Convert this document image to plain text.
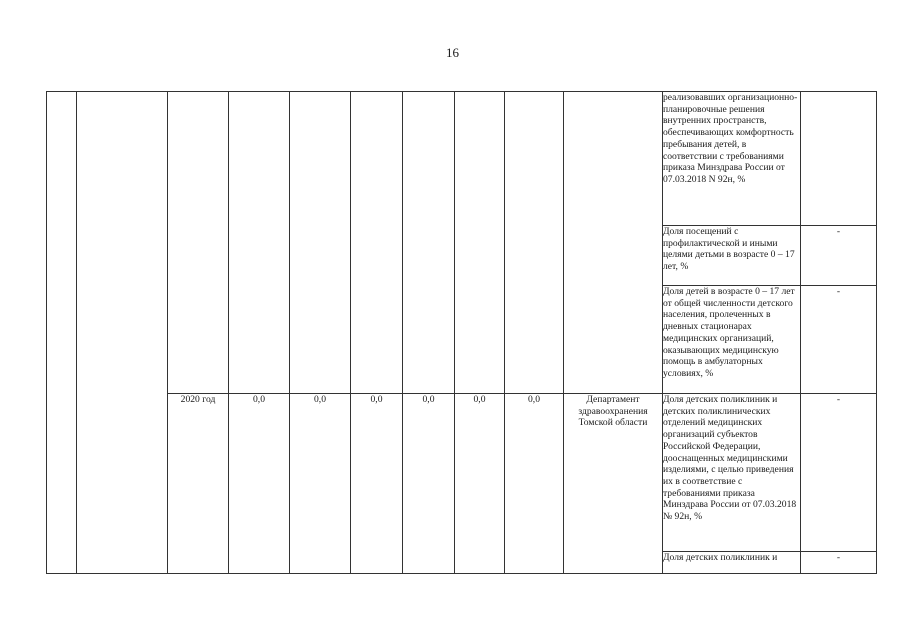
16
										реализовавших организационно-планировочные решения внутренних пространств, обеспечивающих комфортность пребывания детей, в соответствии с требованиями приказа Минздрава России от 07.03.2018 N 92н, %	
										Доля посещений с профилактической и иными целями детьми в возрасте 0 – 17 лет, %	-
										Доля детей в возрасте 0 – 17 лет от общей численности детского населения, пролеченных в дневных стационарах медицинских организаций, оказывающих медицинскую помощь в амбулаторных условиях, %	-
		2020 год	0,0	0,0	0,0	0,0	0,0	0,0	Департамент здравоохранения Томской области	Доля детских поликлиник и детских поликлинических отделений медицинских организаций субъектов Российской Федерации, дооснащенных медицинскими изделиями, с целью приведения их в соответствие с требованиями приказа Минздрава России от 07.03.2018 № 92н, %	-
										Доля детских поликлиник и	-
